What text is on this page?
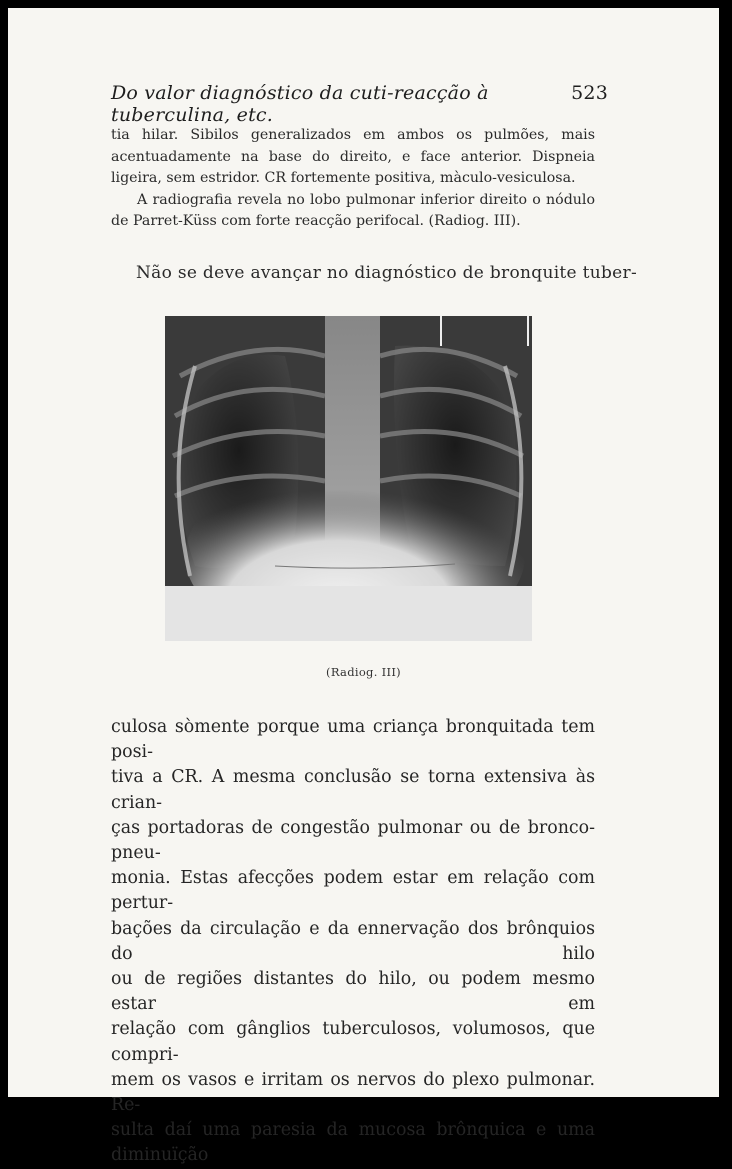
Do valor diagnóstico da cuti-reacção à tuberculina, etc.
523

tia hilar. Sibilos generalizados em ambos os pulmões, mais acentuadamente na base do direito, e face anterior. Dispneia ligeira, sem estridor. CR fortemente positiva, màculo-vesiculosa.

A radiografia revela no lobo pulmonar inferior direito o nódulo de Parret-Küss com forte reacção perifocal. (Radiog. III).

Não se deve avançar no diagnóstico de bronquite tuber-
(Radiog. III)
culosa sòmente porque uma criança bronquitada tem posi-
tiva a CR. A mesma conclusão se torna extensiva às crian-
ças portadoras de congestão pulmonar ou de bronco-pneu-
monia. Estas afecções podem estar em relação com pertur-
bações da circulação e da ennervação dos brônquios do hilo
ou de regiões distantes do hilo, ou podem mesmo estar em
relação com gânglios tuberculosos, volumosos, que compri-
mem os vasos e irritam os nervos do plexo pulmonar. Re-
sulta daí uma paresia da mucosa brônquica e uma diminuïção
